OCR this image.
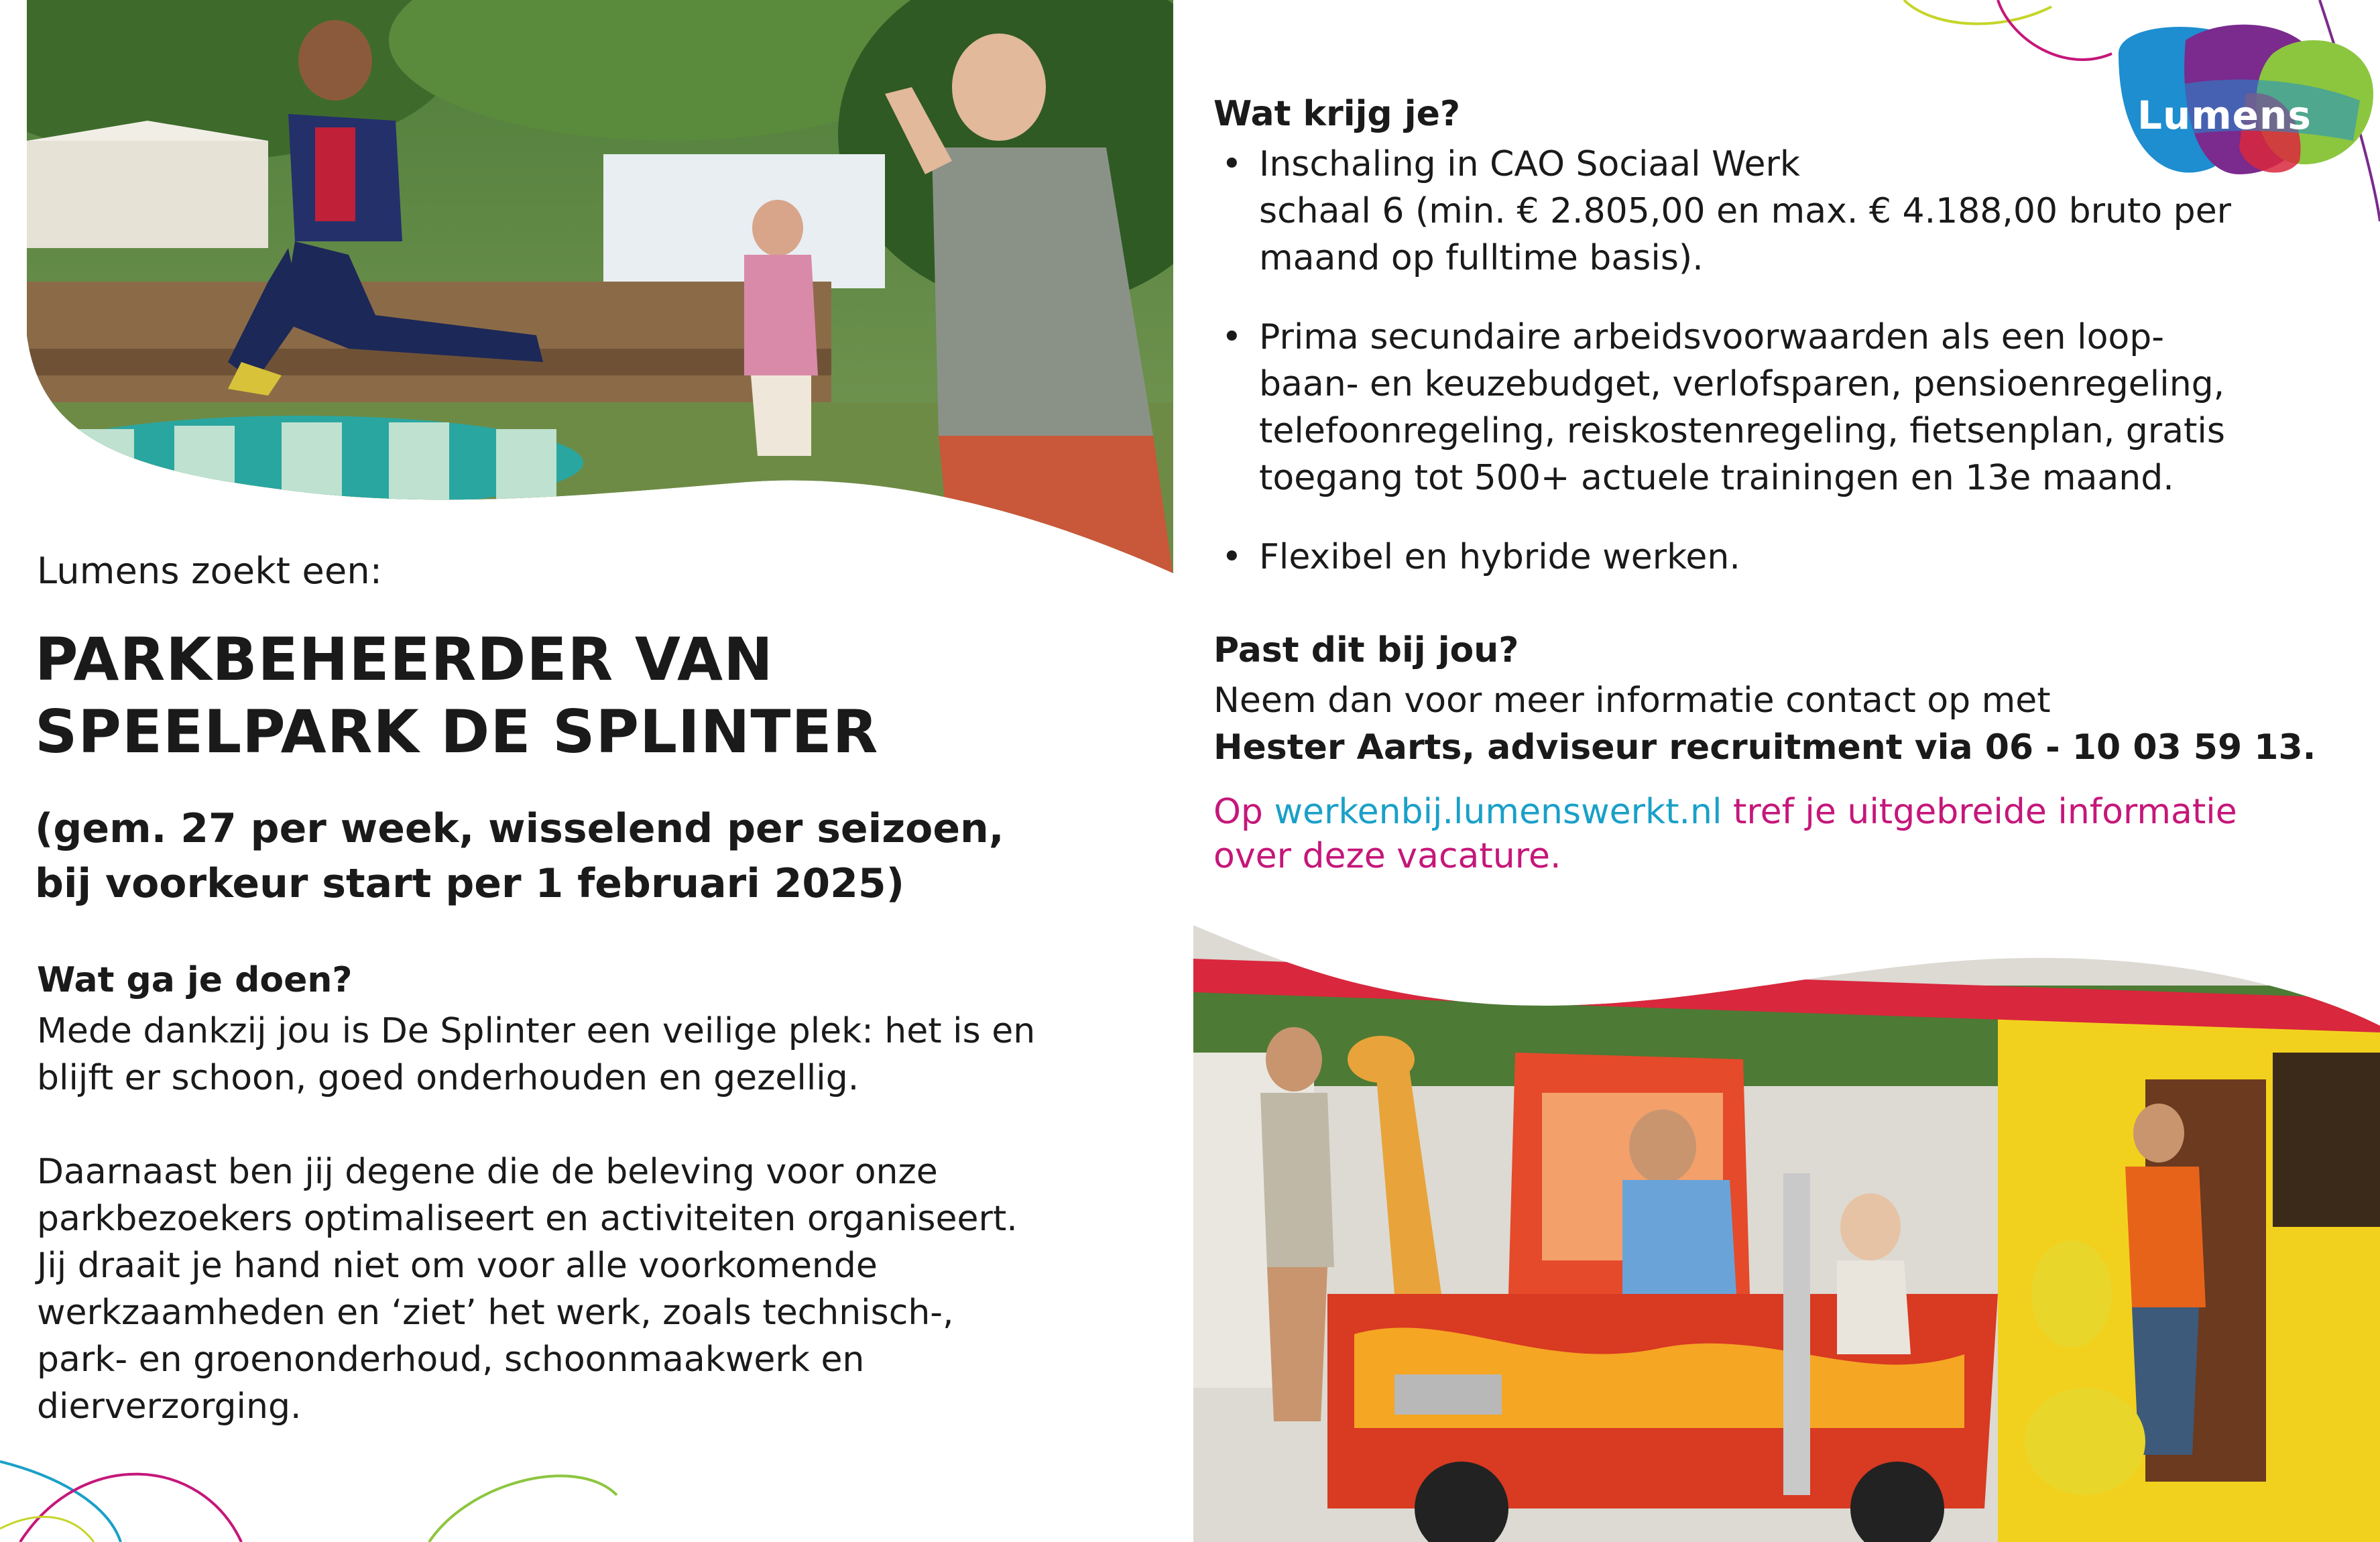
Lumens
Lumens zoekt een:
PARKBEHEERDER VAN
SPEELPARK DE SPLINTER
(gem. 27 per week, wisselend per seizoen,
bij voorkeur start per 1 februari 2025)
Wat ga je doen?
Mede dankzij jou is De Splinter een veilige plek: het is en
blijft er schoon, goed onderhouden en gezellig.
Daarnaast ben jij degene die de beleving voor onze
parkbezoekers optimaliseert en activiteiten organiseert.
Jij draait je hand niet om voor alle voorkomende
werkzaamheden en ‘ziet’ het werk, zoals technisch-,
park- en groenonderhoud, schoonmaakwerk en
dierverzorging.
Wat krijg je?
• Inschaling in CAO Sociaal Werk
schaal 6 (min. € 2.805,00 en max. € 4.188,00 bruto per
maand op fulltime basis).
• Prima secundaire arbeidsvoorwaarden als een loop-
baan- en keuzebudget, verlofsparen, pensioenregeling,
telefoonregeling, reiskostenregeling, fietsenplan, gratis
toegang tot 500+ actuele trainingen en 13e maand.
• Flexibel en hybride werken.
Past dit bij jou?
Neem dan voor meer informatie contact op met
Hester Aarts, adviseur recruitment via 06 - 10 03 59 13.
Op werkenbij.lumenswerkt.nl tref je uitgebreide informatie
over deze vacature.
